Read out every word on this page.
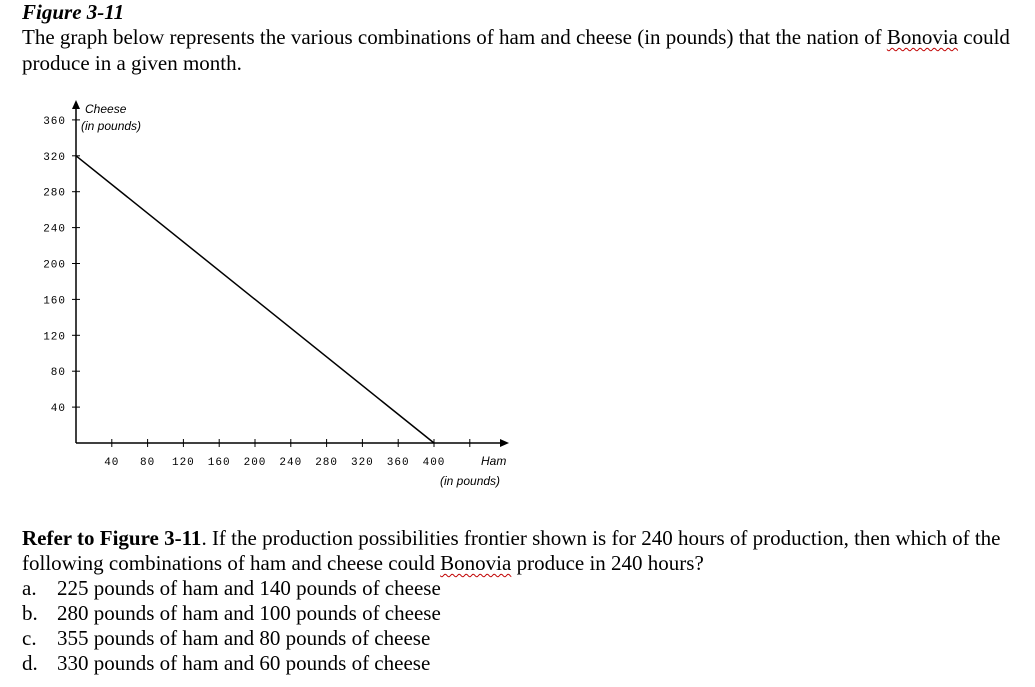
Figure 3-11
The graph below represents the various combinations of ham and cheese (in pounds) that the nation of Bonovia could produce in a given month.
40
80
120
160
200
240
280
320
360
40 80 120 160 200 240 280 320 360 400
Cheese
(in pounds)
Ham
(in pounds)
Refer to Figure 3-11. If the production possibilities frontier shown is for 240 hours of production, then which of the following combinations of ham and cheese could Bonovia produce in 240 hours?
a. 225 pounds of ham and 140 pounds of cheese
b. 280 pounds of ham and 100 pounds of cheese
c. 355 pounds of ham and 80 pounds of cheese
d. 330 pounds of ham and 60 pounds of cheese
